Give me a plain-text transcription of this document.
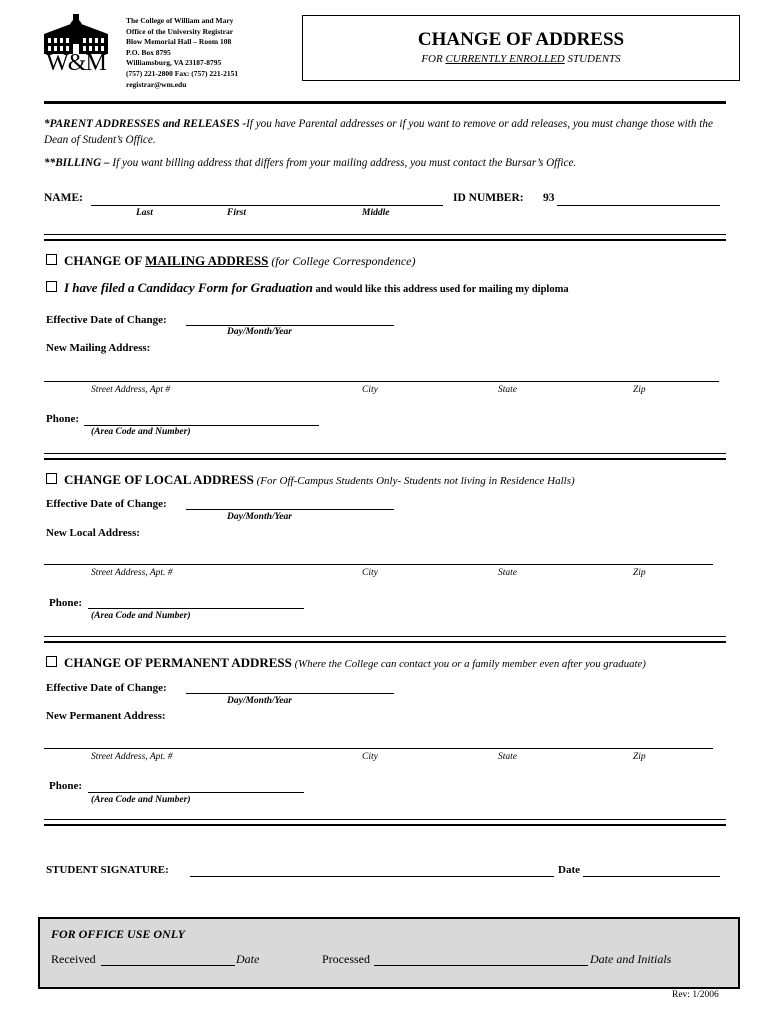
W&M
The College of William and Mary
Office of the University Registrar
Blow Memorial Hall – Room 108
P.O. Box 8795
Williamsburg, VA 23187-8795
(757) 221-2800 Fax: (757) 221-2151
registrar@wm.edu
CHANGE OF ADDRESS
FOR CURRENTLY ENROLLED STUDENTS
*PARENT ADDRESSES and RELEASES -If you have Parental addresses or if you want to remove or add releases, you must change those with the Dean of Student’s Office.
**BILLING – If you want billing address that differs from your mailing address, you must contact the Bursar’s Office.
NAME:	ID NUMBER: 93
Last	First	Middle
CHANGE OF MAILING ADDRESS (for College Correspondence)
I have filed a Candidacy Form for Graduation and would like this address used for mailing my diploma
Effective Date of Change:
Day/Month/Year
New Mailing Address:
Street Address, Apt #	City	State	Zip
Phone:
(Area Code and Number)
CHANGE OF LOCAL ADDRESS (For Off-Campus Students Only- Students not living in Residence Halls)
Effective Date of Change:
Day/Month/Year
New Local Address:
Street Address, Apt. #	City	State	Zip
Phone:
(Area Code and Number)
CHANGE OF PERMANENT ADDRESS (Where the College can contact you or a family member even after you graduate)
Effective Date of Change:
Day/Month/Year
New Permanent Address:
Street Address, Apt. #	City	State	Zip
Phone:
(Area Code and Number)
STUDENT SIGNATURE:	Date
FOR OFFICE USE ONLY
Received	Date	Processed	Date and Initials
Rev: 1/2006
